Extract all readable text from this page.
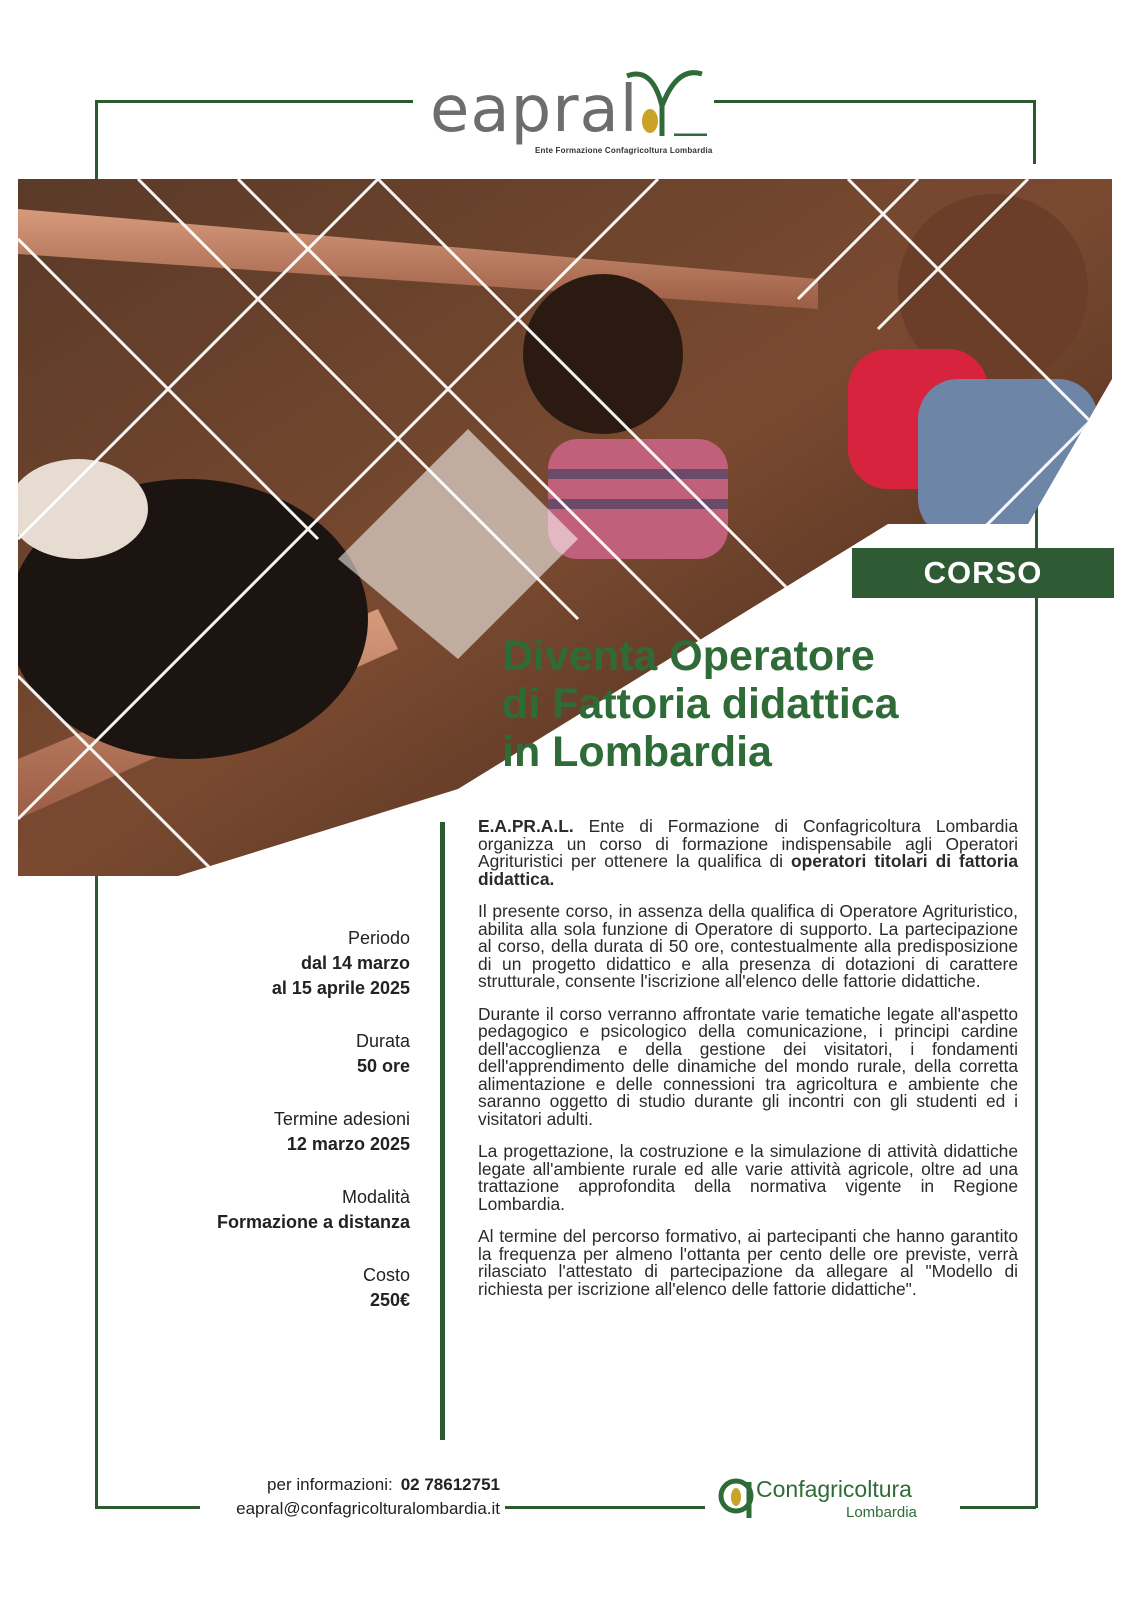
eapral
Ente Formazione Confagricoltura Lombardia
CORSO
Diventa Operatore
di Fattoria didattica
in Lombardia

E.A.PR.A.L. Ente di Formazione di Confagricoltura Lombardia organizza un corso di formazione indispensabile agli Operatori Agrituristici per ottenere la qualifica di operatori titolari di fattoria didattica.

Il presente corso, in assenza della qualifica di Operatore Agrituristico, abilita alla sola funzione di Operatore di supporto. La partecipazione al corso, della durata di 50 ore, contestualmente alla predisposizione di un progetto didattico e alla presenza di dotazioni di carattere strutturale, consente l'iscrizione all'elenco delle fattorie didattiche.

Durante il corso verranno affrontate varie tematiche legate all'aspetto pedagogico e psicologico della comunicazione, i principi cardine dell'accoglienza e della gestione dei visitatori, i fondamenti dell'apprendimento delle dinamiche del mondo rurale, della corretta alimentazione e delle connessioni tra agricoltura e ambiente che saranno oggetto di studio durante gli incontri con gli studenti ed i visitatori adulti.

La progettazione, la costruzione e la simulazione di attività didattiche legate all'ambiente rurale ed alle varie attività agricole, oltre ad una trattazione approfondita della normativa vigente in Regione Lombardia.

Al termine del percorso formativo, ai partecipanti che hanno garantito la frequenza per almeno l'ottanta per cento delle ore previste, verrà rilasciato l'attestato di partecipazione da allegare al "Modello di richiesta per iscrizione all'elenco delle fattorie didattiche".

Periodo
dal 14 marzo
al 15 aprile 2025
Durata
50 ore
Termine adesioni
12 marzo 2025
Modalità
Formazione a distanza
Costo
250€
per informazioni: 02 78612751
eapral@confagricolturalombardia.it
Confagricoltura
Lombardia
